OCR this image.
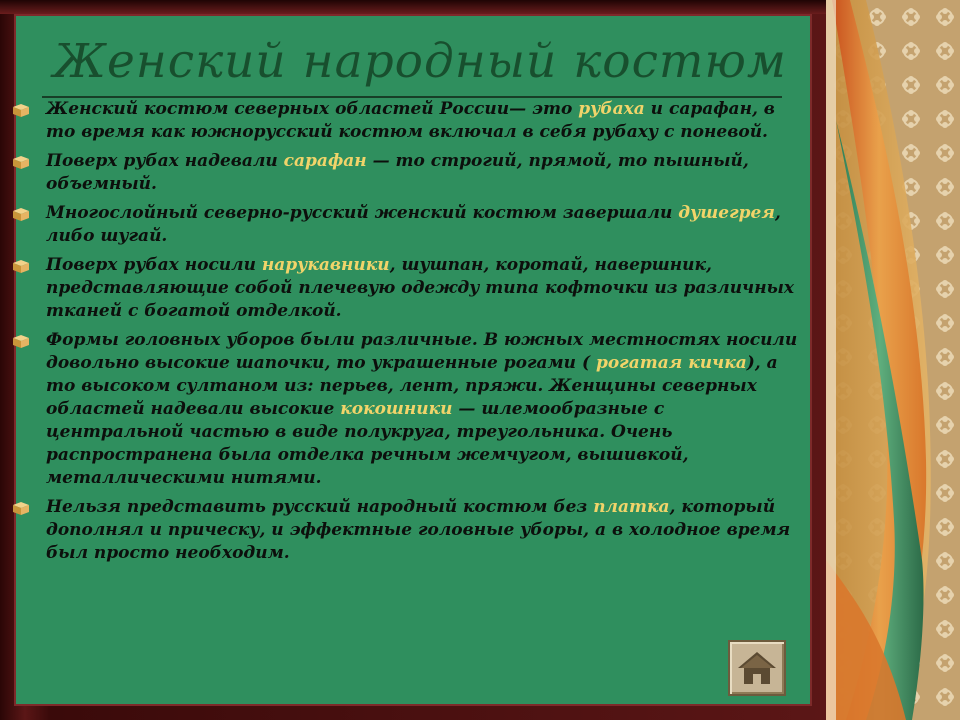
Женский народный костюм
Женский костюм северных областей России— это рубаха и сарафан, в то время как южнорусский костюм включал в себя рубаху с поневой.
Поверх рубах надевали сарафан — то строгий, прямой, то пышный, объемный.
Многослойный северно-русский женский костюм завершали душегрея, либо шугай.
Поверх рубах носили нарукавники, шушпан, коротай, навершник, представляющие собой плечевую одежду типа кофточки из различных тканей с богатой отделкой.
Формы головных уборов были различные. В южных местностях носили довольно высокие шапочки, то украшенные рогами ( рогатая кичка), а то высоком султаном из: перьев, лент, пряжи. Женщины северных областей надевали высокие кокошники — шлемообразные с центральной частью в виде полукруга, треугольника. Очень распространена была отделка речным жемчугом, вышивкой, металлическими нитями.
Нельзя представить русский народный костюм без платка, который дополнял и прическу, и эффектные головные уборы, а в холодное время был просто необходим.
